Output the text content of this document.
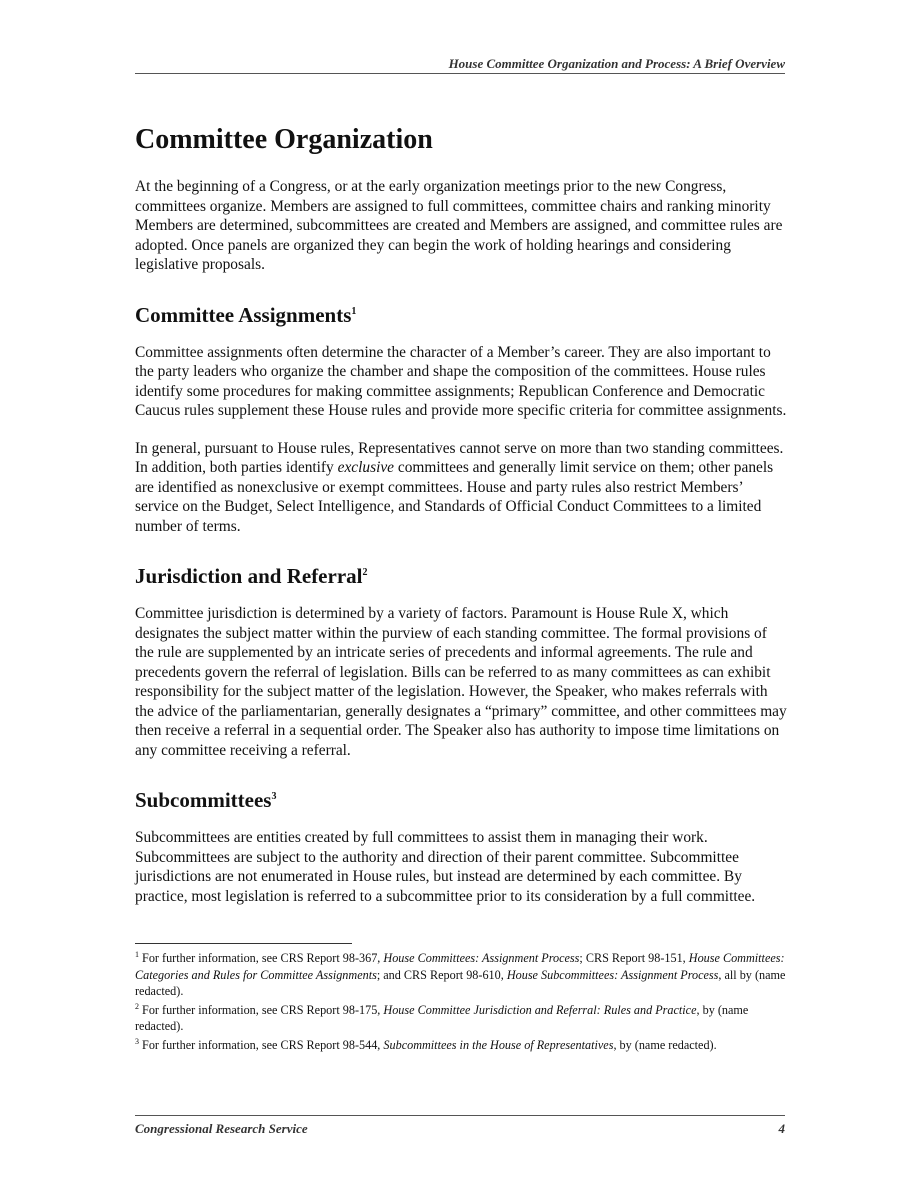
House Committee Organization and Process: A Brief Overview
Committee Organization

At the beginning of a Congress, or at the early organization meetings prior to the new Congress, committees organize. Members are assigned to full committees, committee chairs and ranking minority Members are determined, subcommittees are created and Members are assigned, and committee rules are adopted. Once panels are organized they can begin the work of holding hearings and considering legislative proposals.

Committee Assignments$^1$

Committee assignments often determine the character of a Member’s career. They are also important to the party leaders who organize the chamber and shape the composition of the committees. House rules identify some procedures for making committee assignments; Republican Conference and Democratic Caucus rules supplement these House rules and provide more specific criteria for committee assignments.

In general, pursuant to House rules, Representatives cannot serve on more than two standing committees. In addition, both parties identify exclusive committees and generally limit service on them; other panels are identified as nonexclusive or exempt committees. House and party rules also restrict Members’ service on the Budget, Select Intelligence, and Standards of Official Conduct Committees to a limited number of terms.

Jurisdiction and Referral$^2$

Committee jurisdiction is determined by a variety of factors. Paramount is House Rule X, which designates the subject matter within the purview of each standing committee. The formal provisions of the rule are supplemented by an intricate series of precedents and informal agreements. The rule and precedents govern the referral of legislation. Bills can be referred to as many committees as can exhibit responsibility for the subject matter of the legislation. However, the Speaker, who makes referrals with the advice of the parliamentarian, generally designates a “primary” committee, and other committees may then receive a referral in a sequential order. The Speaker also has authority to impose time limitations on any committee receiving a referral.

Subcommittees$^3$

Subcommittees are entities created by full committees to assist them in managing their work. Subcommittees are subject to the authority and direction of their parent committee. Subcommittee jurisdictions are not enumerated in House rules, but instead are determined by each committee. By practice, most legislation is referred to a subcommittee prior to its consideration by a full committee.

$^1$ For further information, see CRS Report 98-367, House Committees: Assignment Process; CRS Report 98-151, House Committees: Categories and Rules for Committee Assignments; and CRS Report 98-610, House Subcommittees: Assignment Process, all by (name redacted).

$^2$ For further information, see CRS Report 98-175, House Committee Jurisdiction and Referral: Rules and Practice, by (name redacted).

$^3$ For further information, see CRS Report 98-544, Subcommittees in the House of Representatives, by (name redacted).

Congressional Research Service	4
